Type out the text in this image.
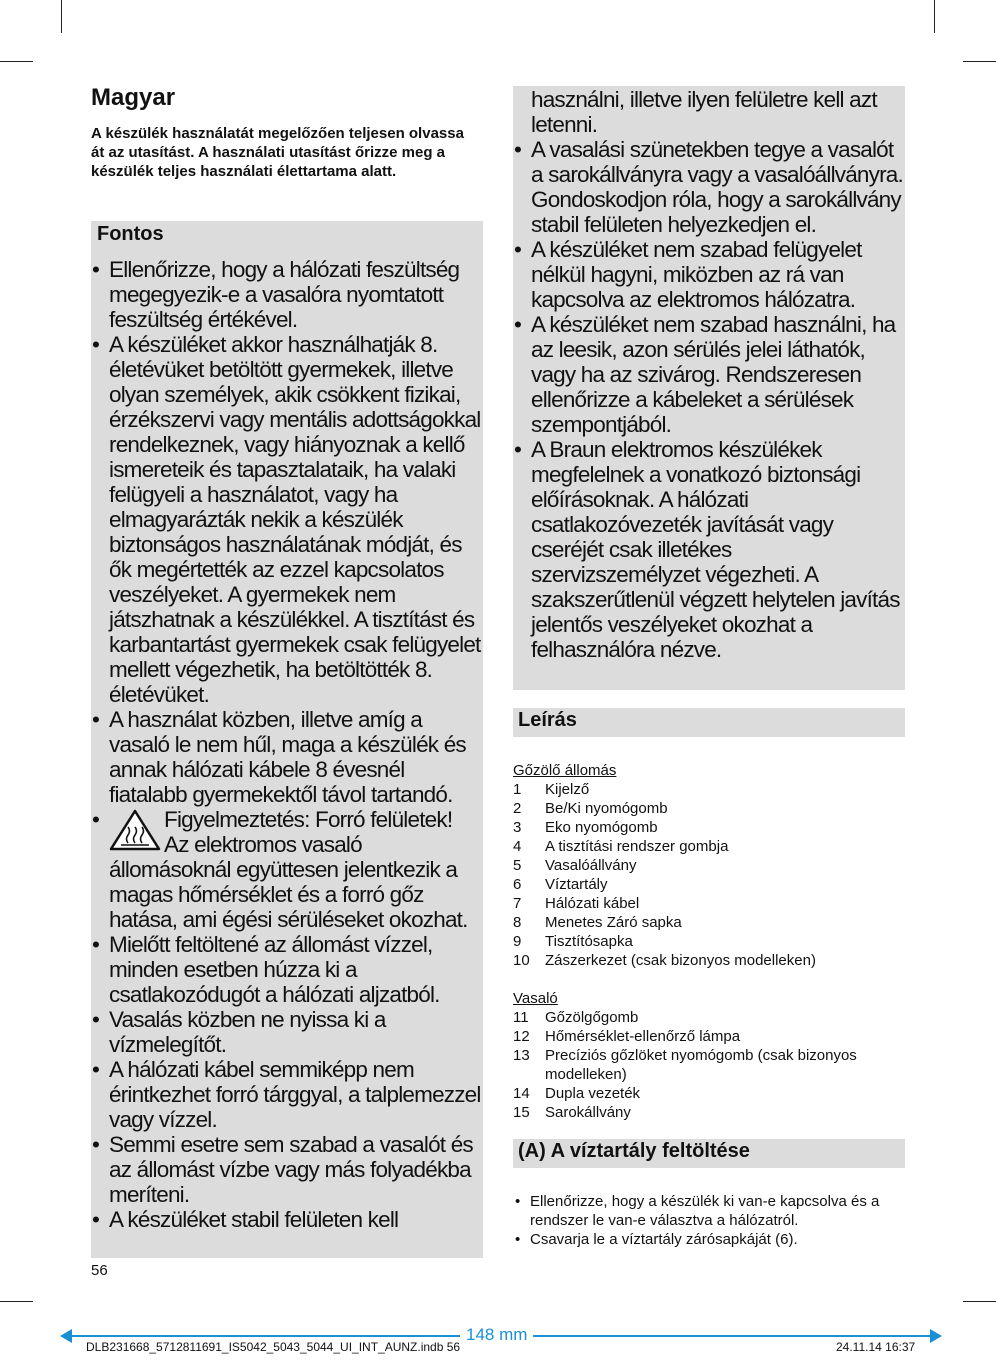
Magyar
A készülék használatát megelőzően teljesen olvassa át az utasítást. A használati utasítást őrizze meg a készülék teljes használati élettartama alatt.
Fontos
• Ellenőrizze, hogy a hálózati feszültség megegyezik-e a vasalóra nyomtatott feszültség értékével.
• A készüléket akkor használhatják 8. életévüket betöltött gyermekek, illetve olyan személyek, akik csökkent fizikai, érzékszervi vagy mentális adottságokkal rendelkeznek, vagy hiányoznak a kellő ismereteik és tapasztalataik, ha valaki felügyeli a használatot, vagy ha elmagyarázták nekik a készülék biztonságos használatának módját, és ők megértették az ezzel kapcsolatos veszélyeket. A gyermekek nem játszhatnak a készülékkel. A tisztítást és karbantartást gyermekek csak felügyelet mellett végezhetik, ha betöltötték 8. életévüket.
• A használat közben, illetve amíg a vasaló le nem hűl, maga a készülék és annak hálózati kábele 8 évesnél fiatalabb gyermekektől távol tartandó.
•	Figyelmeztetés: Forró felületek!
Az elektromos vasaló
állomásoknál együttesen jelentkezik a magas hőmérséklet és a forró gőz hatása, ami égési sérüléseket okozhat.
• Mielőtt feltöltené az állomást vízzel, minden esetben húzza ki a csatlakozódugót a hálózati aljzatból.
• Vasalás közben ne nyissa ki a vízmelegítőt.
• A hálózati kábel semmiképp nem érintkezhet forró tárggyal, a talplemezzel vagy vízzel.
• Semmi esetre sem szabad a vasalót és az állomást vízbe vagy más folyadékba meríteni.
• A készüléket stabil felületen kell
használni, illetve ilyen felületre kell azt letenni.
• A vasalási szünetekben tegye a vasalót a sarokállványra vagy a vasalóállványra. Gondoskodjon róla, hogy a sarokállvány stabil felületen helyezkedjen el.
• A készüléket nem szabad felügyelet nélkül hagyni, miközben az rá van kapcsolva az elektromos hálózatra.
• A készüléket nem szabad használni, ha az leesik, azon sérülés jelei láthatók, vagy ha az szivárog. Rendszeresen ellenőrizze a kábeleket a sérülések szempontjából.
• A Braun elektromos készülékek megfelelnek a vonatkozó biztonsági előírásoknak. A hálózati csatlakozóvezeték javítását vagy cseréjét csak illetékes szervizszemélyzet végezheti. A szakszerűtlenül végzett helytelen javítás jelentős veszélyeket okozhat a felhasználóra nézve.
Leírás
Gőzölő állomás
1	Kijelző
2	Be/Ki nyomógomb
3	Eko nyomógomb
4	A tisztítási rendszer gombja
5	Vasalóállvány
6	Víztartály
7	Hálózati kábel
8	Menetes Záró sapka
9	Tisztítósapka
10	Zászerkezet (csak bizonyos modelleken)
Vasaló
11	Gőzölgőgomb
12	Hőmérséklet-ellenőrző lámpa
13	Precíziós gőzlöket nyomógomb (csak bizonyos modelleken)
14	Dupla vezeték
15	Sarokállvány
(A) A víztartály feltöltése
• Ellenőrizze, hogy a készülék ki van-e kapcsolva és a rendszer le van-e választva a hálózatról.
• Csavarja le a víztartály zárósapkáját (6).
56
148 mm
DLB231668_5712811691_IS5042_5043_5044_UI_INT_AUNZ.indb 56	24.11.14 16:37
